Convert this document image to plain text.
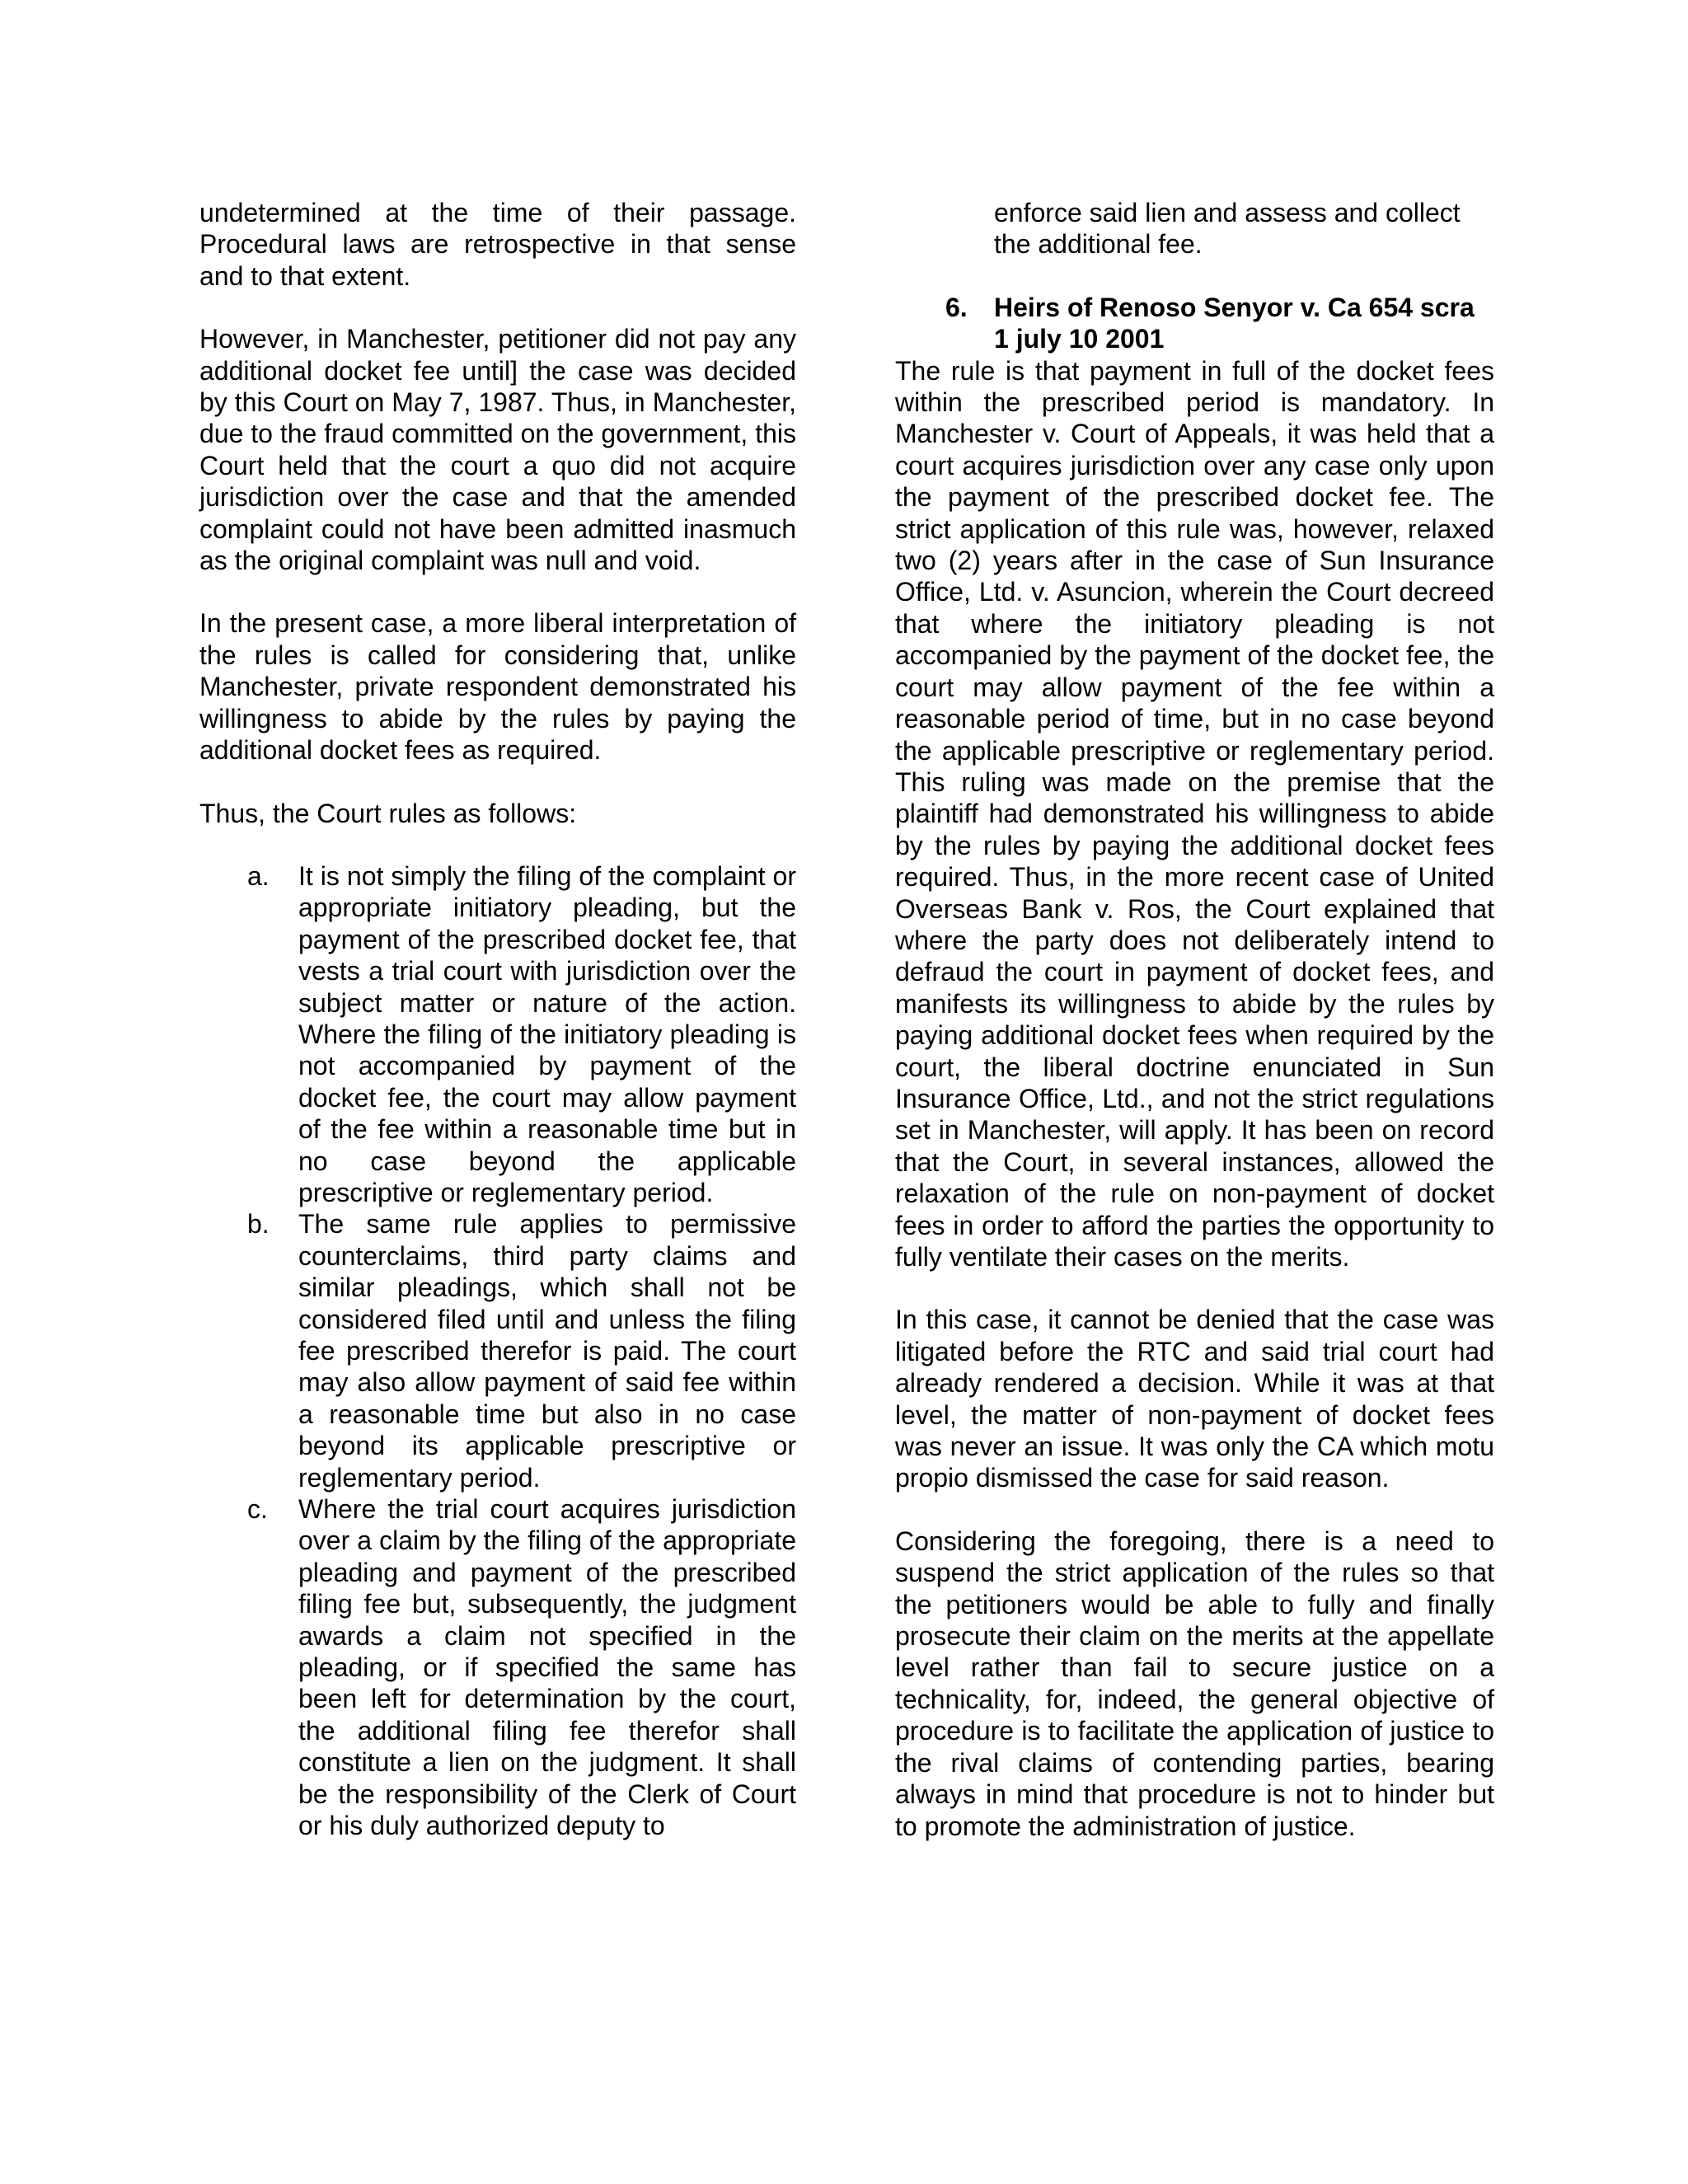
undetermined at the time of their passage. Procedural laws are retrospective in that sense and to that extent.

However, in Manchester, petitioner did not pay any additional docket fee until] the case was decided by this Court on May 7, 1987. Thus, in Manchester, due to the fraud committed on the government, this Court held that the court a quo did not acquire jurisdiction over the case and that the amended complaint could not have been admitted inasmuch as the original complaint was null and void.

In the present case, a more liberal interpretation of the rules is called for considering that, unlike Manchester, private respondent demonstrated his willingness to abide by the rules by paying the additional docket fees as required.

Thus, the Court rules as follows:

a. It is not simply the filing of the complaint or appropriate initiatory pleading, but the payment of the prescribed docket fee, that vests a trial court with jurisdiction over the subject matter or nature of the action. Where the filing of the initiatory pleading is not accompanied by payment of the docket fee, the court may allow payment of the fee within a reasonable time but in no case beyond the applicable prescriptive or reglementary period.
b. The same rule applies to permissive counterclaims, third party claims and similar pleadings, which shall not be considered filed until and unless the filing fee prescribed therefor is paid. The court may also allow payment of said fee within a reasonable time but also in no case beyond its applicable prescriptive or reglementary period.
c. Where the trial court acquires jurisdiction over a claim by the filing of the appropriate pleading and payment of the prescribed filing fee but, subsequently, the judgment awards a claim not specified in the pleading, or if specified the same has been left for determination by the court, the additional filing fee therefor shall constitute a lien on the judgment. It shall be the responsibility of the Clerk of Court or his duly authorized deputy to

enforce said lien and assess and collect the additional fee.

6. Heirs of Renoso Senyor v. Ca 654 scra 1 july 10 2001

The rule is that payment in full of the docket fees within the prescribed period is mandatory. In Manchester v. Court of Appeals, it was held that a court acquires jurisdiction over any case only upon the payment of the prescribed docket fee. The strict application of this rule was, however, relaxed two (2) years after in the case of Sun Insurance Office, Ltd. v. Asuncion, wherein the Court decreed that where the initiatory pleading is not accompanied by the payment of the docket fee, the court may allow payment of the fee within a reasonable period of time, but in no case beyond the applicable prescriptive or reglementary period. This ruling was made on the premise that the plaintiff had demonstrated his willingness to abide by the rules by paying the additional docket fees required. Thus, in the more recent case of United Overseas Bank v. Ros, the Court explained that where the party does not deliberately intend to defraud the court in payment of docket fees, and manifests its willingness to abide by the rules by paying additional docket fees when required by the court, the liberal doctrine enunciated in Sun Insurance Office, Ltd., and not the strict regulations set in Manchester, will apply. It has been on record that the Court, in several instances, allowed the relaxation of the rule on non-payment of docket fees in order to afford the parties the opportunity to fully ventilate their cases on the merits.

In this case, it cannot be denied that the case was litigated before the RTC and said trial court had already rendered a decision. While it was at that level, the matter of non-payment of docket fees was never an issue. It was only the CA which motu propio dismissed the case for said reason.

Considering the foregoing, there is a need to suspend the strict application of the rules so that the petitioners would be able to fully and finally prosecute their claim on the merits at the appellate level rather than fail to secure justice on a technicality, for, indeed, the general objective of procedure is to facilitate the application of justice to the rival claims of contending parties, bearing always in mind that procedure is not to hinder but to promote the administration of justice.
